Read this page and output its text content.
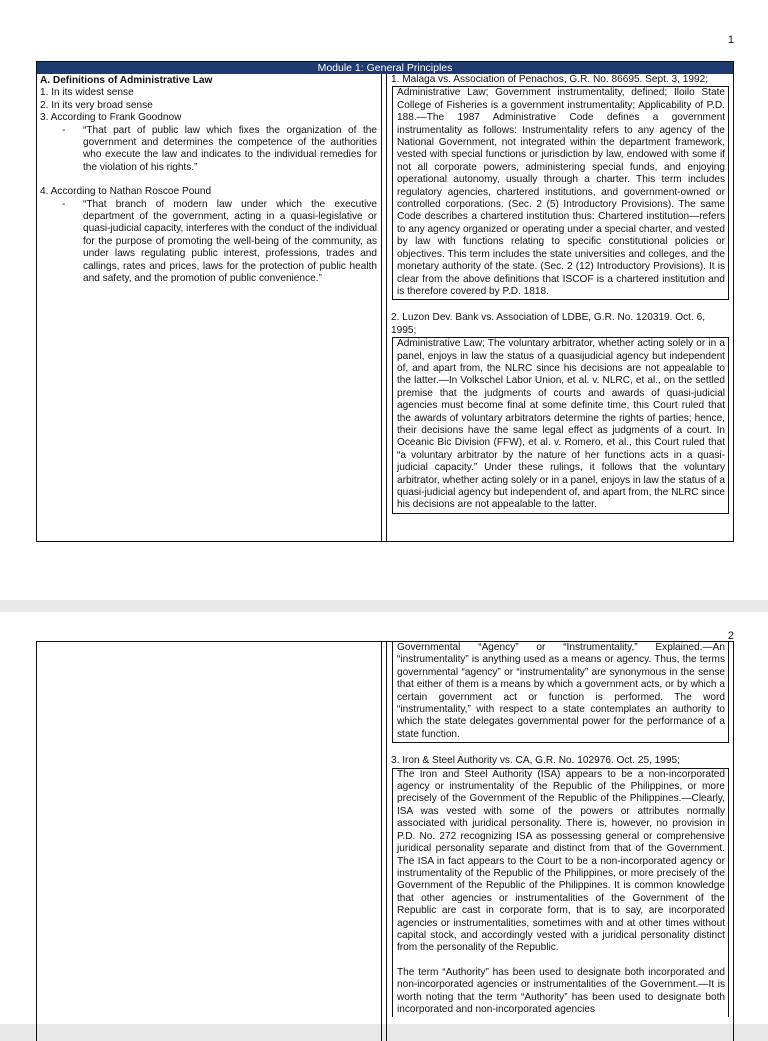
1
Module 1: General Principles
A. Definitions of Administrative Law
1. In its widest sense
2. In its very broad sense
3. According to Frank Goodnow
- “That part of public law which fixes the organization of the government and determines the competence of the authorities who execute the law and indicates to the individual remedies for the violation of his rights.”
4. According to Nathan Roscoe Pound
- “That branch of modern law under which the executive department of the government, acting in a quasi-legislative or quasi-judicial capacity, interferes with the conduct of the individual for the purpose of promoting the well-being of the community, as under laws regulating public interest, professions, trades and callings, rates and prices, laws for the protection of public health and safety, and the promotion of public convenience.”
1. Malaga vs. Association of Penachos, G.R. No. 86695. Sept. 3, 1992;

Administrative Law; Government instrumentality, defined; Iloilo State College of Fisheries is a government instrumentality; Applicability of P.D. 188.—The 1987 Administrative Code defines a government instrumentality as follows: Instrumentality refers to any agency of the National Government, not integrated within the department framework, vested with special functions or jurisdiction by law, endowed with some if not all corporate powers, administering special funds, and enjoying operational autonomy, usually through a charter. This term includes regulatory agencies, chartered institutions, and government-owned or controlled corporations. (Sec. 2 (5) Introductory Provisions). The same Code describes a chartered institution thus: Chartered institution—refers to any agency organized or operating under a special charter, and vested by law with functions relating to specific constitutional policies or objectives. This term includes the state universities and colleges, and the monetary authority of the state. (Sec. 2 (12) Introductory Provisions). It is clear from the above definitions that ISCOF is a chartered institution and is therefore covered by P.D. 1818.

2. Luzon Dev. Bank vs. Association of LDBE, G.R. No. 120319. Oct. 6, 1995;

Administrative Law; The voluntary arbitrator, whether acting solely or in a panel, enjoys in law the status of a quasijudicial agency but independent of, and apart from, the NLRC since his decisions are not appealable to the latter.—In Volkschel Labor Union, et al. v. NLRC, et al., on the settled premise that the judgments of courts and awards of quasi-judicial agencies must become final at some definite time, this Court ruled that the awards of voluntary arbitrators determine the rights of parties; hence, their decisions have the same legal effect as judgments of a court. In Oceanic Bic Division (FFW), et al. v. Romero, et al., this Court ruled that “a voluntary arbitrator by the nature of her functions acts in a quasi-judicial capacity.” Under these rulings, it follows that the voluntary arbitrator, whether acting solely or in a panel, enjoys in law the status of a quasi-judicial agency but independent of, and apart from, the NLRC since his decisions are not appealable to the latter.

2

Governmental “Agency” or “Instrumentality,” Explained.—An “instrumentality” is anything used as a means or agency. Thus, the terms governmental “agency” or “instrumentality” are synonymous in the sense that either of them is a means by which a government acts, or by which a certain government act or function is performed. The word “instrumentality,” with respect to a state contemplates an authority to which the state delegates governmental power for the performance of a state function.

3. Iron & Steel Authority vs. CA, G.R. No. 102976. Oct. 25, 1995;

The Iron and Steel Authority (ISA) appears to be a non-incorporated agency or instrumentality of the Republic of the Philippines, or more precisely of the Government of the Republic of the Philippines.—Clearly, ISA was vested with some of the powers or attributes normally associated with juridical personality. There is, however, no provision in P.D. No. 272 recognizing ISA as possessing general or comprehensive juridical personality separate and distinct from that of the Government. The ISA in fact appears to the Court to be a non-incorporated agency or instrumentality of the Republic of the Philippines, or more precisely of the Government of the Republic of the Philippines. It is common knowledge that other agencies or instrumentalities of the Government of the Republic are cast in corporate form, that is to say, are incorporated agencies or instrumentalities, sometimes with and at other times without capital stock, and accordingly vested with a juridical personality distinct from the personality of the Republic.

The term “Authority” has been used to designate both incorporated and non-incorporated agencies or instrumentalities of the Government.—It is worth noting that the term “Authority” has been used to designate both incorporated and non-incorporated agencies
